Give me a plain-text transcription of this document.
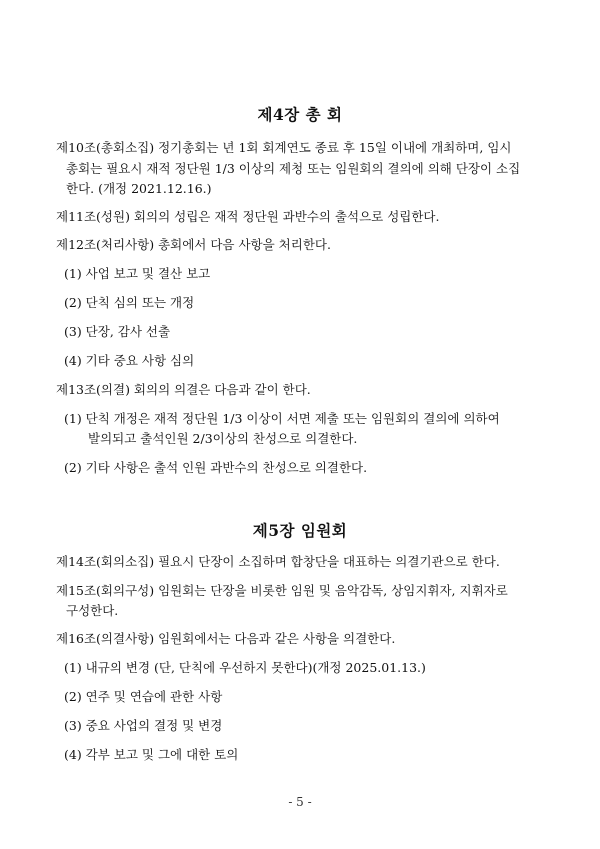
제4장 총 회
제10조(총회소집) 정기총회는 년 1회 회계연도 종료 후 15일 이내에 개최하며, 임시
총회는 필요시 재적 정단원 1/3 이상의 제청 또는 임원회의 결의에 의해 단장이 소집
한다. (개정 2021.12.16.)
제11조(성원) 회의의 성립은 재적 정단원 과반수의 출석으로 성립한다.
제12조(처리사항) 총회에서 다음 사항을 처리한다.
(1) 사업 보고 및 결산 보고
(2) 단칙 심의 또는 개정
(3) 단장, 감사 선출
(4) 기타 중요 사항 심의
제13조(의결) 회의의 의결은 다음과 같이 한다.
(1) 단칙 개정은 재적 정단원 1/3 이상이 서면 제출 또는 임원회의 결의에 의하여
발의되고 출석인원 2/3이상의 찬성으로 의결한다.
(2) 기타 사항은 출석 인원 과반수의 찬성으로 의결한다.
제5장 임원회
제14조(회의소집) 필요시 단장이 소집하며 합창단을 대표하는 의결기관으로 한다.
제15조(회의구성) 임원회는 단장을 비롯한 임원 및 음악감독, 상임지휘자, 지휘자로
구성한다.
제16조(의결사항) 임원회에서는 다음과 같은 사항을 의결한다.
(1) 내규의 변경 (단, 단칙에 우선하지 못한다)(개정 2025.01.13.)
(2) 연주 및 연습에 관한 사항
(3) 중요 사업의 결정 및 변경
(4) 각부 보고 및 그에 대한 토의
- 5 -
